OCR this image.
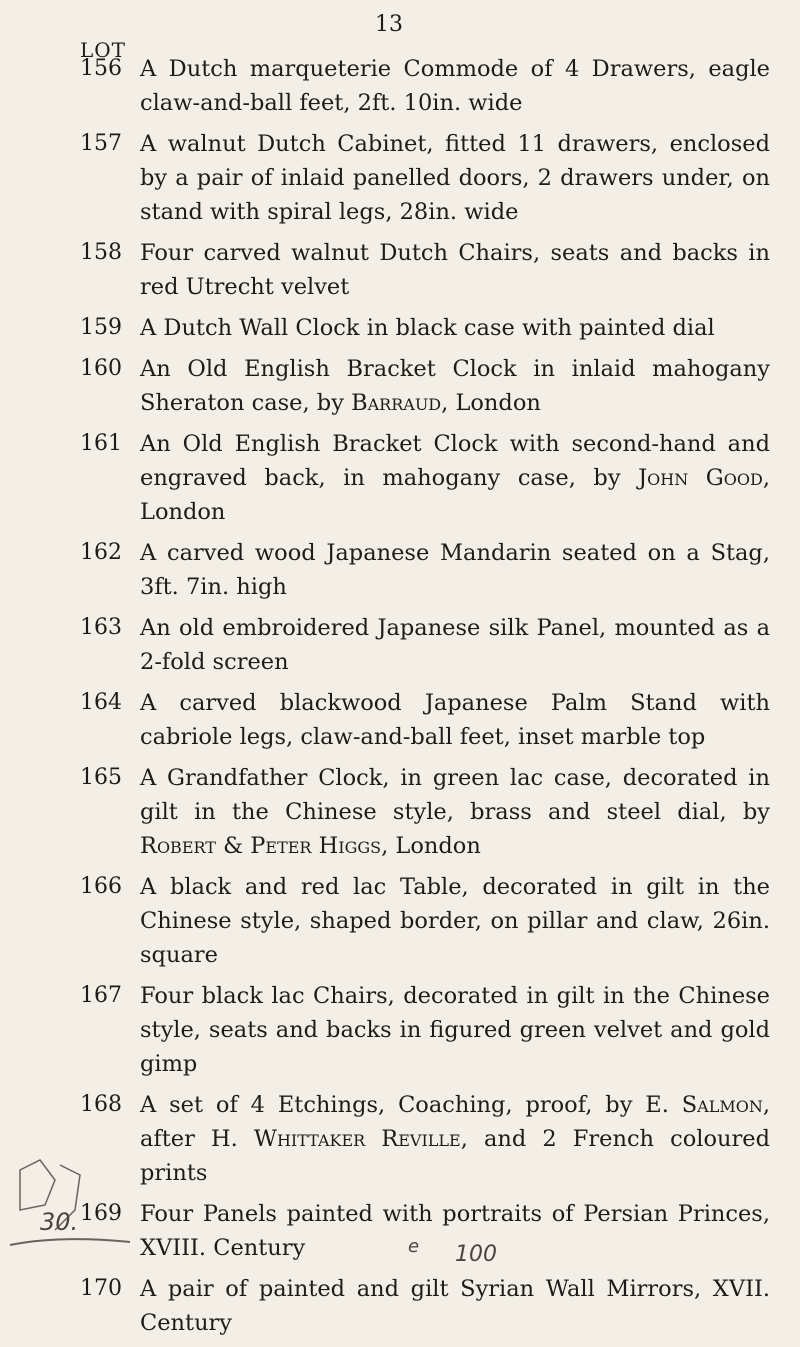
13
LOT
156 A Dutch marqueterie Commode of 4 Drawers, eagle claw-and-ball feet, 2ft. 10in. wide
157 A walnut Dutch Cabinet, fitted 11 drawers, enclosed by a pair of inlaid panelled doors, 2 drawers under, on stand with spiral legs, 28in. wide
158 Four carved walnut Dutch Chairs, seats and backs in red Utrecht velvet
159 A Dutch Wall Clock in black case with painted dial
160 An Old English Bracket Clock in inlaid mahogany Sheraton case, by Barraud, London
161 An Old English Bracket Clock with second-hand and engraved back, in mahogany case, by John Good, London
162 A carved wood Japanese Mandarin seated on a Stag, 3ft. 7in. high
163 An old embroidered Japanese silk Panel, mounted as a 2-fold screen
164 A carved blackwood Japanese Palm Stand with cabriole legs, claw-and-ball feet, inset marble top
165 A Grandfather Clock, in green lac case, decorated in gilt in the Chinese style, brass and steel dial, by Robert & Peter Higgs, London
166 A black and red lac Table, decorated in gilt in the Chinese style, shaped border, on pillar and claw, 26in. square
167 Four black lac Chairs, decorated in gilt in the Chinese style, seats and backs in figured green velvet and gold gimp
168 A set of 4 Etchings, Coaching, proof, by E. Salmon, after H. Whittaker Reville, and 2 French coloured prints
169 Four Panels painted with portraits of Persian Princes, XVIII. Century
170 A pair of painted and gilt Syrian Wall Mirrors, XVII. Century
30.
100
e
